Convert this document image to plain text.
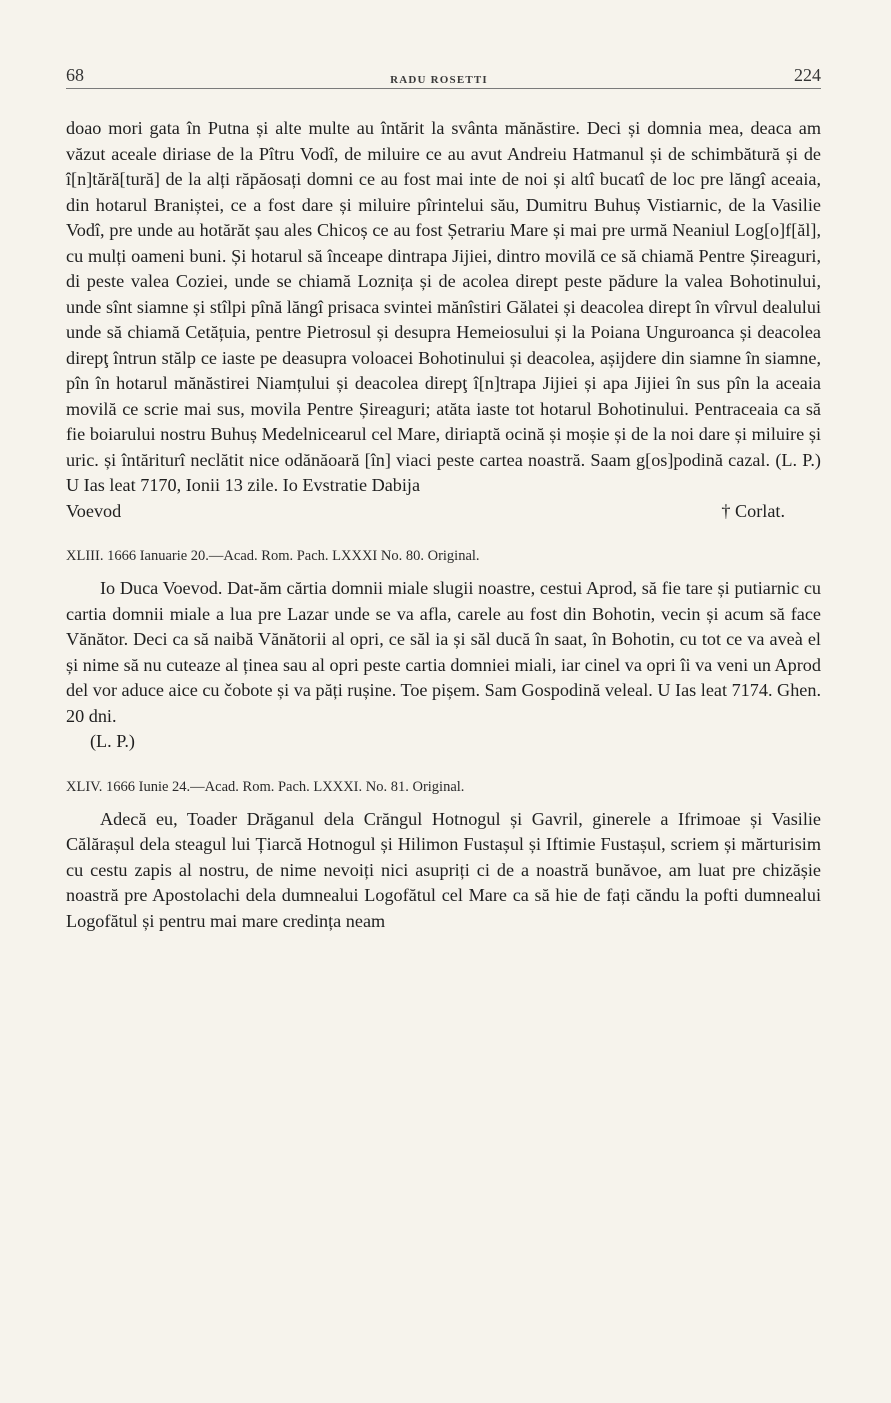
68	RADU ROSETTI	224

doao mori gata în Putna și alte multe au întărit la svânta mănăstire. Deci și domnia mea, deaca am văzut aceale diriase de la Pîtru Vodî, de miluire ce au avut Andreiu Hatmanul și de schimbătură și de î[n]tără[tură] de la alți răpăosați domni ce au fost mai inte de noi și altî bucatî de loc pre lăngî aceaia, din hotarul Braniștei, ce a fost dare și miluire pîrintelui său, Dumitru Buhuș Vistiarnic, de la Vasilie Vodî, pre unde au hotărăt șau ales Chicoș ce au fost Șetrariu Mare și mai pre urmă Neaniul Log[o]f[ăl], cu mulți oameni buni. Și hotarul să înceape dintrapa Jijiei, dintro movilă ce să chiamă Pentre Șireaguri, di peste valea Coziei, unde se chiamă Loznița și de acolea dirept peste pădure la valea Bohotinului, unde sînt siamne și stîlpi pînă lăngî prisaca svintei mănîstiri Gălatei și deacolea dirept în vîrvul dealului unde să chiamă Cetățuia, pentre Pietrosul și desupra Hemeiosului și la Poiana Unguroanca și deacolea direpţ întrun stălp ce iaste pe deasupra voloacei Bohotinului și deacolea, așijdere din siamne în siamne, pîn în hotarul mănăstirei Niamțului și deacolea direpţ î[n]trapa Jijiei și apa Jijiei în sus pîn la aceaia movilă ce scrie mai sus, movila Pentre Șireaguri; atăta iaste tot hotarul Bohotinului. Pentraceaia ca să fie boiarului nostru Buhuș Medelnicearul cel Mare, diriaptă ocină și moșie și de la noi dare și miluire și uric. și întăriturî neclătit nice odănăoară [în] viaci peste cartea noastră. Saam g[os]podină cazal. (L. P.) U Ias leat 7170, Ionii 13 zile. Io Evstratie Dabija

Voevod	† Corlat.
XLIII. 1666 Ianuarie 20.—Acad. Rom. Pach. LXXXI No. 80. Original.

Io Duca Voevod. Dat-ăm cărtia domnii miale slugii noastre, cestui Aprod, să fie tare și putiarnic cu cartia domnii miale a lua pre Lazar unde se va afla, carele au fost din Bohotin, vecin și acum să face Vănător. Deci ca să naibă Vănătorii al opri, ce săl ia și săl ducă în saat, în Bohotin, cu tot ce va aveà el și nime să nu cuteaze al ținea sau al opri peste cartia domniei miali, iar cinel va opri îi va veni un Aprod del vor aduce aice cu čobote și va păți rușine. Toe pișem. Sam Gospodină veleal. U Ias leat 7174. Ghen. 20 dni.

(L. P.)

XLIV. 1666 Iunie 24.—Acad. Rom. Pach. LXXXI. No. 81. Original.

Adecă eu, Toader Drăganul dela Crăngul Hotnogul și Gavril, ginerele a Ifrimoae și Vasilie Călărașul dela steagul lui Țiarcă Hotnogul și Hilimon Fustașul și Iftimie Fustașul, scriem și mărturisim cu cestu zapis al nostru, de nime nevoiți nici asupriți ci de a noastră bunăvoe, am luat pre chizășie noastră pre Apostolachi dela dumnealui Logofătul cel Mare ca să hie de fați căndu la pofti dumnealui Logofătul și pentru mai mare credința neam
